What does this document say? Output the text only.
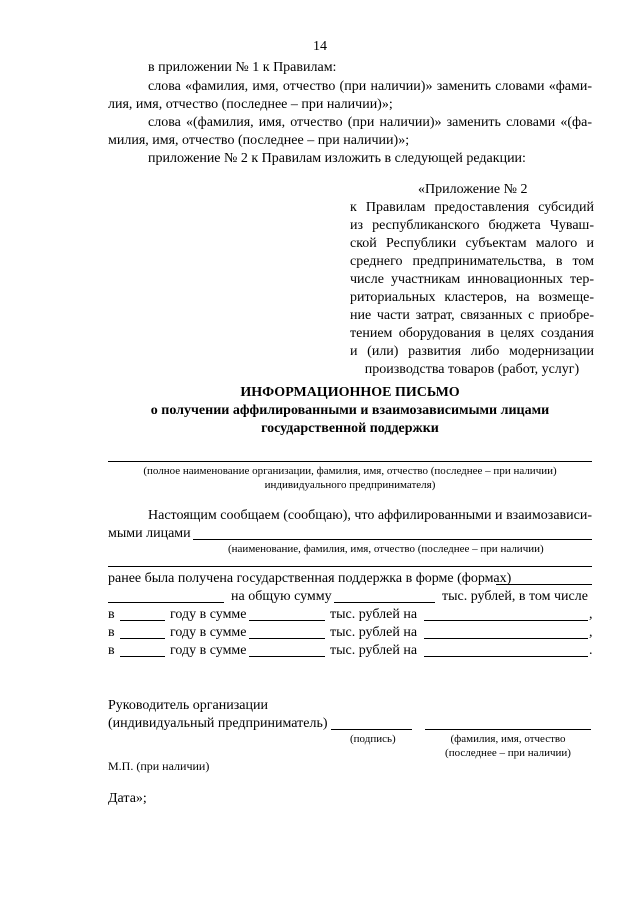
14
в приложении № 1 к Правилам:
слова «фамилия, имя, отчество (при наличии)» заменить словами «фами-
лия, имя, отчество (последнее – при наличии)»;
слова «(фамилия, имя, отчество (при наличии)» заменить словами «(фа-
милия, имя, отчество (последнее – при наличии)»;
приложение № 2 к Правилам изложить в следующей редакции:
«Приложение № 2
к Правилам предоставления субсидий
из республиканского бюджета Чуваш-
ской Республики субъектам малого и
среднего предпринимательства, в том
числе участникам инновационных тер-
риториальных кластеров, на возмеще-
ние части затрат, связанных с приобре-
тением оборудования в целях создания
и (или) развития либо модернизации
производства товаров (работ, услуг)
ИНФОРМАЦИОННОЕ ПИСЬМО
о получении аффилированными и взаимозависимыми лицами
государственной поддержки
(полное наименование организации, фамилия, имя, отчество (последнее – при наличии)
индивидуального предпринимателя)
Настоящим сообщаем (сообщаю), что аффилированными и взаимозависи-
мыми лицами
(наименование, фамилия, имя, отчество (последнее – при наличии)
ранее была получена государственная поддержка в форме (формах)
на общую сумму	тыс. рублей, в том числе
в	году в сумме	тыс. рублей на	,
в	году в сумме	тыс. рублей на	,
в	году в сумме	тыс. рублей на	.
Руководитель организации
(индивидуальный предприниматель)
(подпись)	(фамилия, имя, отчество
(последнее – при наличии)
М.П. (при наличии)
Дата»;
